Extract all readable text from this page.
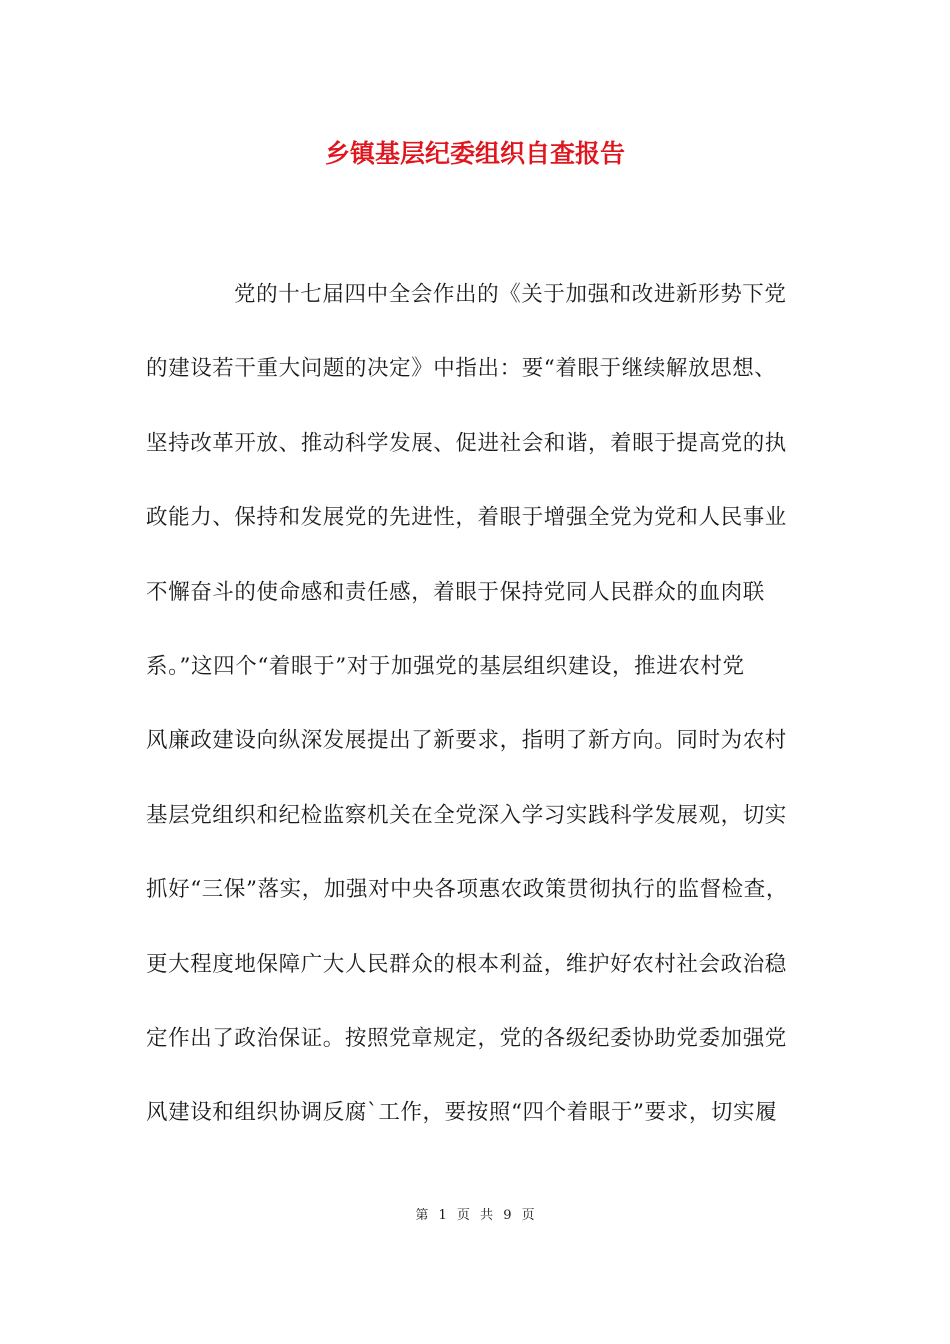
乡镇基层纪委组织自查报告
党的十七届四中全会作出的《关于加强和改进新形势下党
的建设若干重大问题的决定》中指出：要“着眼于继续解放思想、
坚持改革开放、推动科学发展、促进社会和谐，着眼于提高党的执
政能力、保持和发展党的先进性，着眼于增强全党为党和人民事业
不懈奋斗的使命感和责任感，着眼于保持党同人民群众的血肉联
系。”这四个“着眼于”对于加强党的基层组织建设，推进农村党
风廉政建设向纵深发展提出了新要求，指明了新方向。同时为农村
基层党组织和纪检监察机关在全党深入学习实践科学发展观，切实
抓好“三保”落实，加强对中央各项惠农政策贯彻执行的监督检查，
更大程度地保障广大人民群众的根本利益，维护好农村社会政治稳
定作出了政治保证。按照党章规定，党的各级纪委协助党委加强党
风建设和组织协调反腐`工作，要按照“四个着眼于”要求，切实履
第 1 页 共 9 页
